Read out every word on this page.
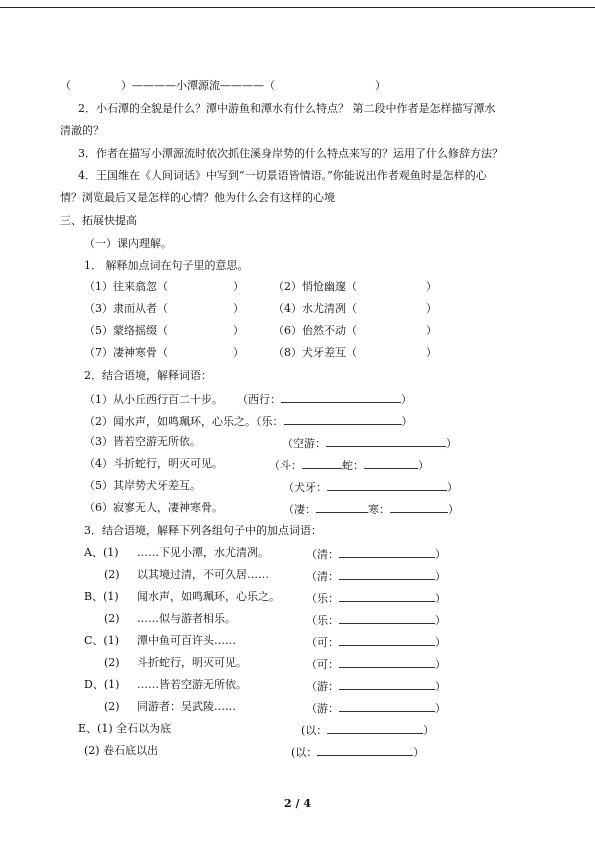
（	）————小潭源流————（	）
2．小石潭的全貌是什么？潭中游鱼和潭水有什么特点？ 第二段中作者是怎样描写潭水
清澈的？
3．作者在描写小潭源流时依次抓住溪身岸势的什么特点来写的？运用了什么修辞方法？
4．王国维在《人间词话》中写到“一切景语皆情语。”你能说出作者观鱼时是怎样的心
情？浏览最后又是怎样的心情？他为什么会有这样的心境
三、拓展快提高
（一）课内理解。
1． 解释加点词在句子里的意思。
（1）往来翕忽（	）	（2）悄怆幽邃（	）
（3）隶而从者（	）	（4）水尤清冽（	）
（5）蒙络摇缀（	）	（6）佁然不动（	）
（7）凄神寒骨（	）	（8）犬牙差互（	）
2．结合语境，解释词语：
（1）从小丘西行百二十步。 （西行：	）
（2）闻水声，如鸣珮环，心乐之。（乐：	）
（3）皆若空游无所依。	（空游：	）
（4）斗折蛇行，明灭可见。	（斗：	蛇：	）
（5）其岸势犬牙差互。	（犬牙：	）
（6）寂寥无人，凄神寒骨。	（凄：	寒：	）
3．结合语境，解释下列各组句子中的加点词语：
A、(1) ……下见小潭，水尤清冽。	（清：	）
(2) 以其境过清，不可久居……	（清：	）
B、(1) 闻水声，如鸣珮环，心乐之。 （乐：	）
(2) ……似与游者相乐。	（乐：	）
C、(1) 潭中鱼可百许头……	（可：	）
(2) 斗折蛇行，明灭可见。	（可：	）
D、(1) ……皆若空游无所依。	（游：	）
(2) 同游者：吴武陵……	（游：	）
E、(1) 全石以为底	(以：	）
(2) 卷石底以出	(以：	）
2 / 4
